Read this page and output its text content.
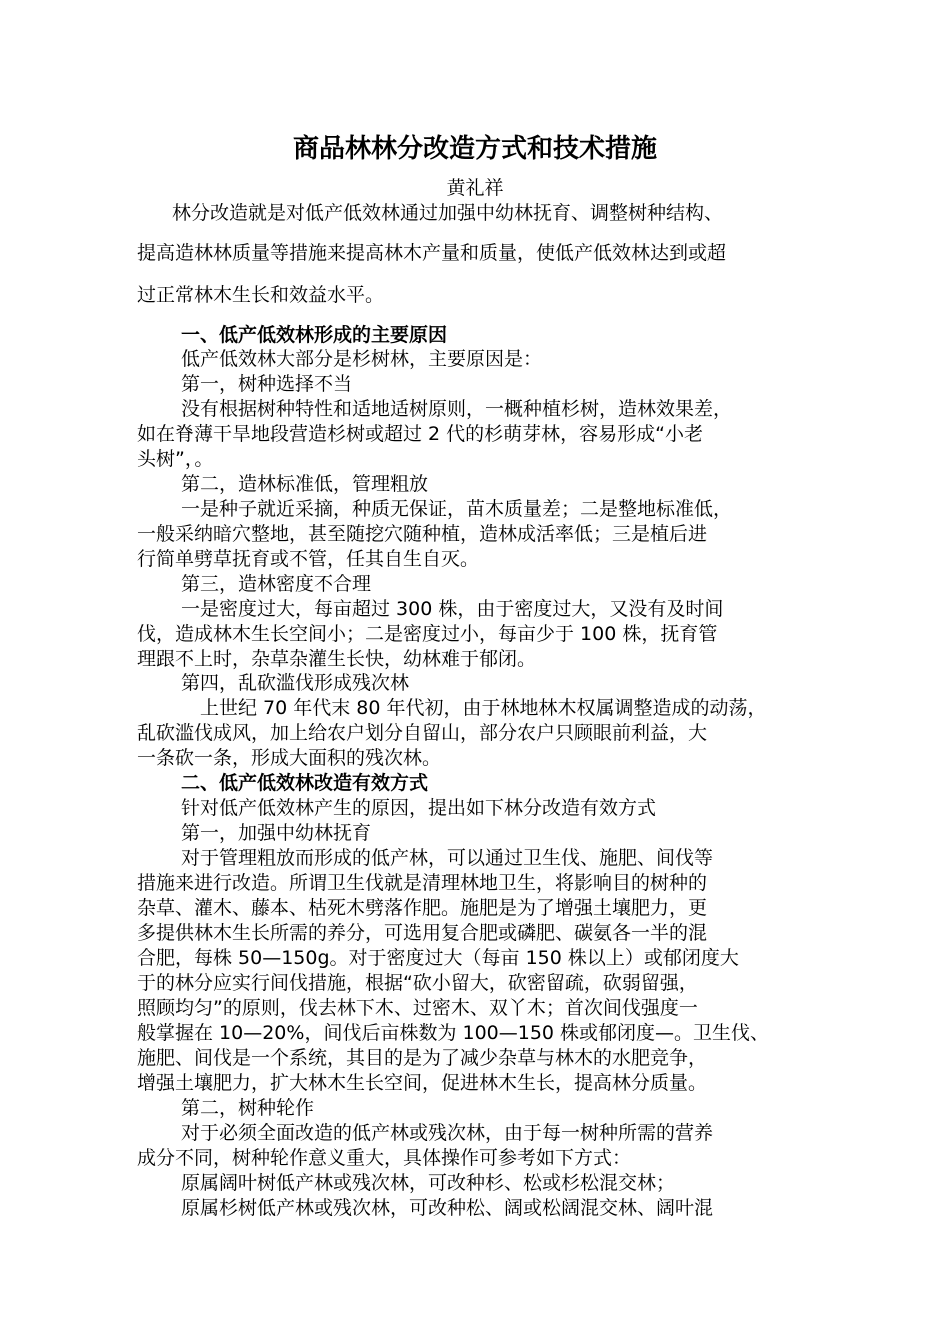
商品林林分改造方式和技术措施
黄礼祥
林分改造就是对低产低效林通过加强中幼林抚育、调整树种结构、
提高造林林质量等措施来提高林木产量和质量，使低产低效林达到或超
过正常林木生长和效益水平。
一、低产低效林形成的主要原因
低产低效林大部分是杉树林，主要原因是：
第一，树种选择不当
没有根据树种特性和适地适树原则，一概种植杉树，造林效果差，
如在脊薄干旱地段营造杉树或超过 2 代的杉萌芽林，容易形成“小老
头树”，。
第二，造林标准低，管理粗放
一是种子就近采摘，种质无保证，苗木质量差；二是整地标准低，
一般采纳暗穴整地，甚至随挖穴随种植，造林成活率低；三是植后进
行简单劈草抚育或不管，任其自生自灭。
第三，造林密度不合理
一是密度过大，每亩超过 300 株，由于密度过大，又没有及时间
伐，造成林木生长空间小；二是密度过小，每亩少于 100 株，抚育管
理跟不上时，杂草杂灌生长快，幼林难于郁闭。
第四，乱砍滥伐形成残次林
上世纪 70 年代末 80 年代初，由于林地林木权属调整造成的动荡，
乱砍滥伐成风，加上给农户划分自留山，部分农户只顾眼前利益，大
一条砍一条，形成大面积的残次林。
二、低产低效林改造有效方式
针对低产低效林产生的原因，提出如下林分改造有效方式
第一，加强中幼林抚育
对于管理粗放而形成的低产林，可以通过卫生伐、施肥、间伐等
措施来进行改造。所谓卫生伐就是清理林地卫生，将影响目的树种的
杂草、灌木、藤本、枯死木劈落作肥。施肥是为了增强土壤肥力，更
多提供林木生长所需的养分，可选用复合肥或磷肥、碳氨各一半的混
合肥，每株 50—150g。对于密度过大（每亩 150 株以上）或郁闭度大
于的林分应实行间伐措施，根据“砍小留大，砍密留疏，砍弱留强，
照顾均匀”的原则，伐去林下木、过密木、双丫木；首次间伐强度一
般掌握在 10—20%，间伐后亩株数为 100—150 株或郁闭度—。卫生伐、
施肥、间伐是一个系统，其目的是为了减少杂草与林木的水肥竞争，
增强土壤肥力，扩大林木生长空间，促进林木生长，提高林分质量。
第二，树种轮作
对于必须全面改造的低产林或残次林，由于每一树种所需的营养
成分不同，树种轮作意义重大，具体操作可参考如下方式：
原属阔叶树低产林或残次林，可改种杉、松或杉松混交林；
原属杉树低产林或残次林，可改种松、阔或松阔混交林、阔叶混
